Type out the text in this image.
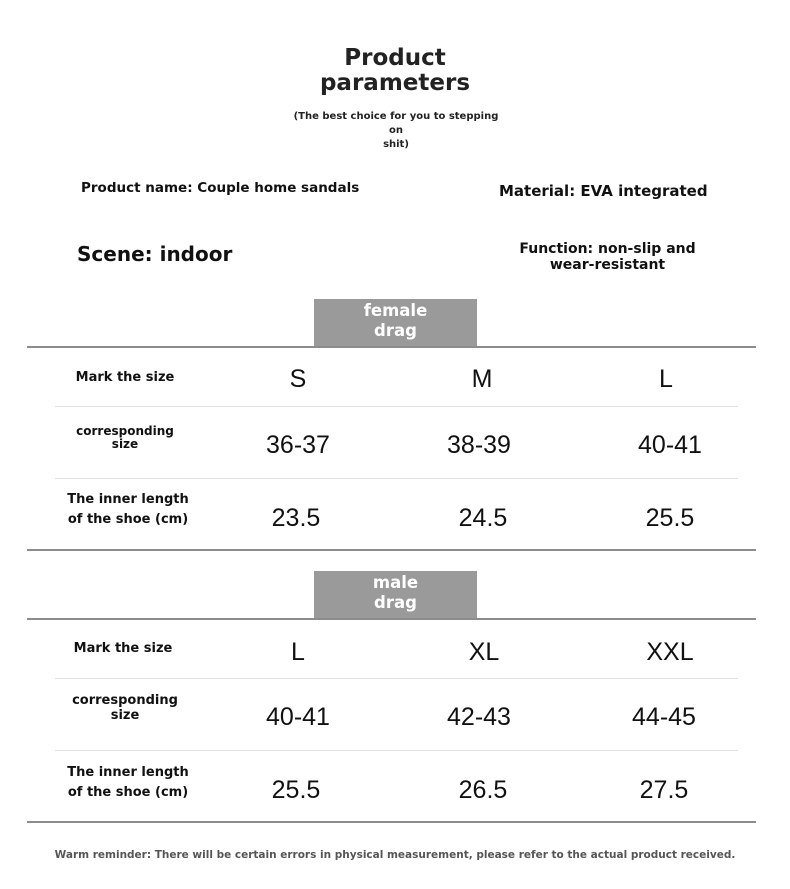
Product
parameters
(The best choice for you to stepping on
shit)
Product name: Couple home sandals	Material: EVA integrated
Scene: indoor	Function: non-slip and
wear-resistant
female
drag
Mark the size	S	M	L
corresponding
size	36-37	38-39	40-41
The inner length
of the shoe (cm)	23.5	24.5	25.5
male
drag
Mark the size	L	XL	XXL
corresponding
size	40-41	42-43	44-45
The inner length
of the shoe (cm)	25.5	26.5	27.5
Warm reminder: There will be certain errors in physical measurement, please refer to the actual product received.
